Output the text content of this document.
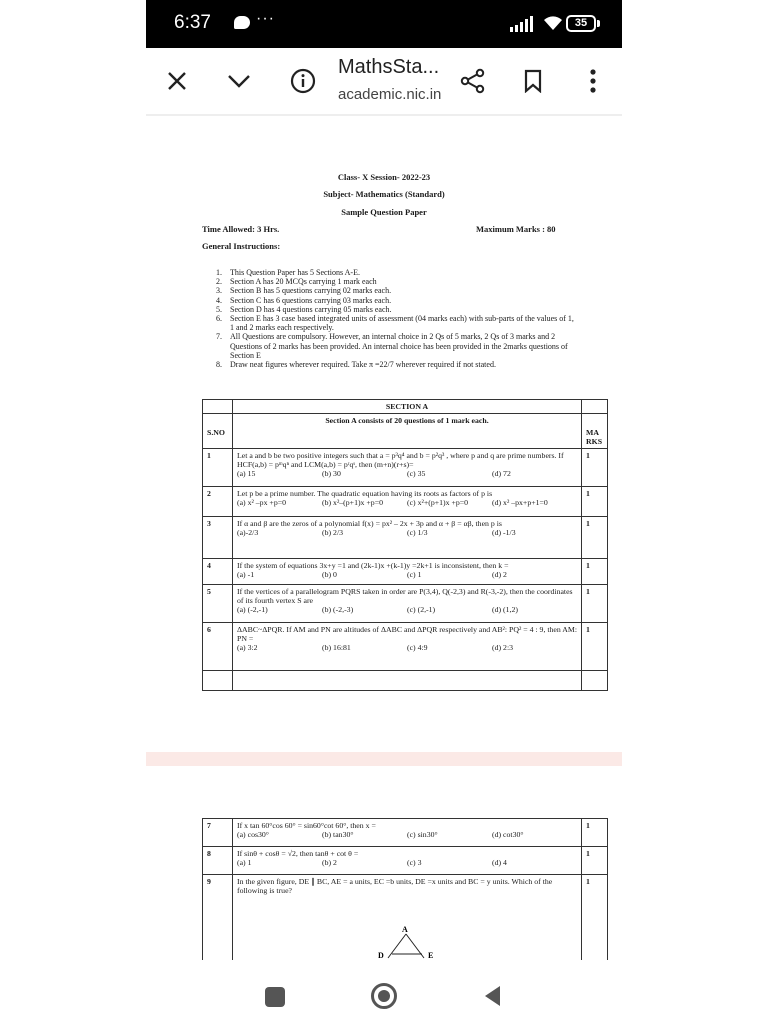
6:37	···	35
MathsSta...
academic.nic.in
Class- X Session- 2022-23
Subject- Mathematics (Standard)
Sample Question Paper
Time Allowed: 3 Hrs.	Maximum Marks : 80
General Instructions:
1.	This Question Paper has 5 Sections A-E.
2.	Section A has 20 MCQs carrying 1 mark each
3.	Section B has 5 questions carrying 02 marks each.
4.	Section C has 6 questions carrying 03 marks each.
5.	Section D has 4 questions carrying 05 marks each.
6.	Section E has 3 case based integrated units of assessment (04 marks each) with sub-parts of the values of 1, 1 and 2 marks each respectively.
7.	All Questions are compulsory. However, an internal choice in 2 Qs of 5 marks, 2 Qs of 3 marks and 2 Questions of 2 marks has been provided. An internal choice has been provided in the 2marks questions of Section E
8.	Draw neat figures wherever required. Take π =22/7 wherever required if not stated.
	SECTION A	
S.NO	Section A consists of 20 questions of 1 mark each.	MA RKS
1	Let a and b be two positive integers such that a = p³q⁴ and b = p²q³ , where p and q are prime numbers. If HCF(a,b) = pᵐqⁿ and LCM(a,b) = pʳqˢ, then (m+n)(r+s)=
(a) 15 (b) 30 (c) 35 (d) 72	1
2	Let p be a prime number. The quadratic equation having its roots as factors of p is
(a) x² –px +p=0 (b) x²–(p+1)x +p=0 (c) x²+(p+1)x +p=0 (d) x² –px+p+1=0	1
3	If α and β are the zeros of a polynomial f(x) = px² – 2x + 3p and α + β = αβ, then p is
(a)-2/3 (b) 2/3 (c) 1/3 (d) -1/3	1
4	If the system of equations 3x+y =1 and (2k-1)x +(k-1)y =2k+1 is inconsistent, then k =
(a) -1 (b) 0 (c) 1 (d) 2	1
5	If the vertices of a parallelogram PQRS taken in order are P(3,4), Q(-2,3) and R(-3,-2), then the coordinates of its fourth vertex S are
(a) (-2,-1) (b) (-2,-3) (c) (2,-1) (d) (1,2)	1
6	ΔABC~ΔPQR. If AM and PN are altitudes of ΔABC and ΔPQR respectively and AB²: PQ² = 4 : 9, then AM: PN =
(a) 3:2 (b) 16:81 (c) 4:9 (d) 2:3	1

7	If x tan 60°cos 60° = sin60°cot 60°, then x =
(a) cos30° (b) tan30° (c) sin30° (d) cot30°	1
8	If sinθ + cosθ = √2, then tanθ + cot θ =
(a) 1 (b) 2 (c) 3 (d) 4	1
9	In the given figure, DE ∥ BC, AE = a units, EC =b units, DE =x units and BC = y units. Which of the following is true?	1
A
D	E
